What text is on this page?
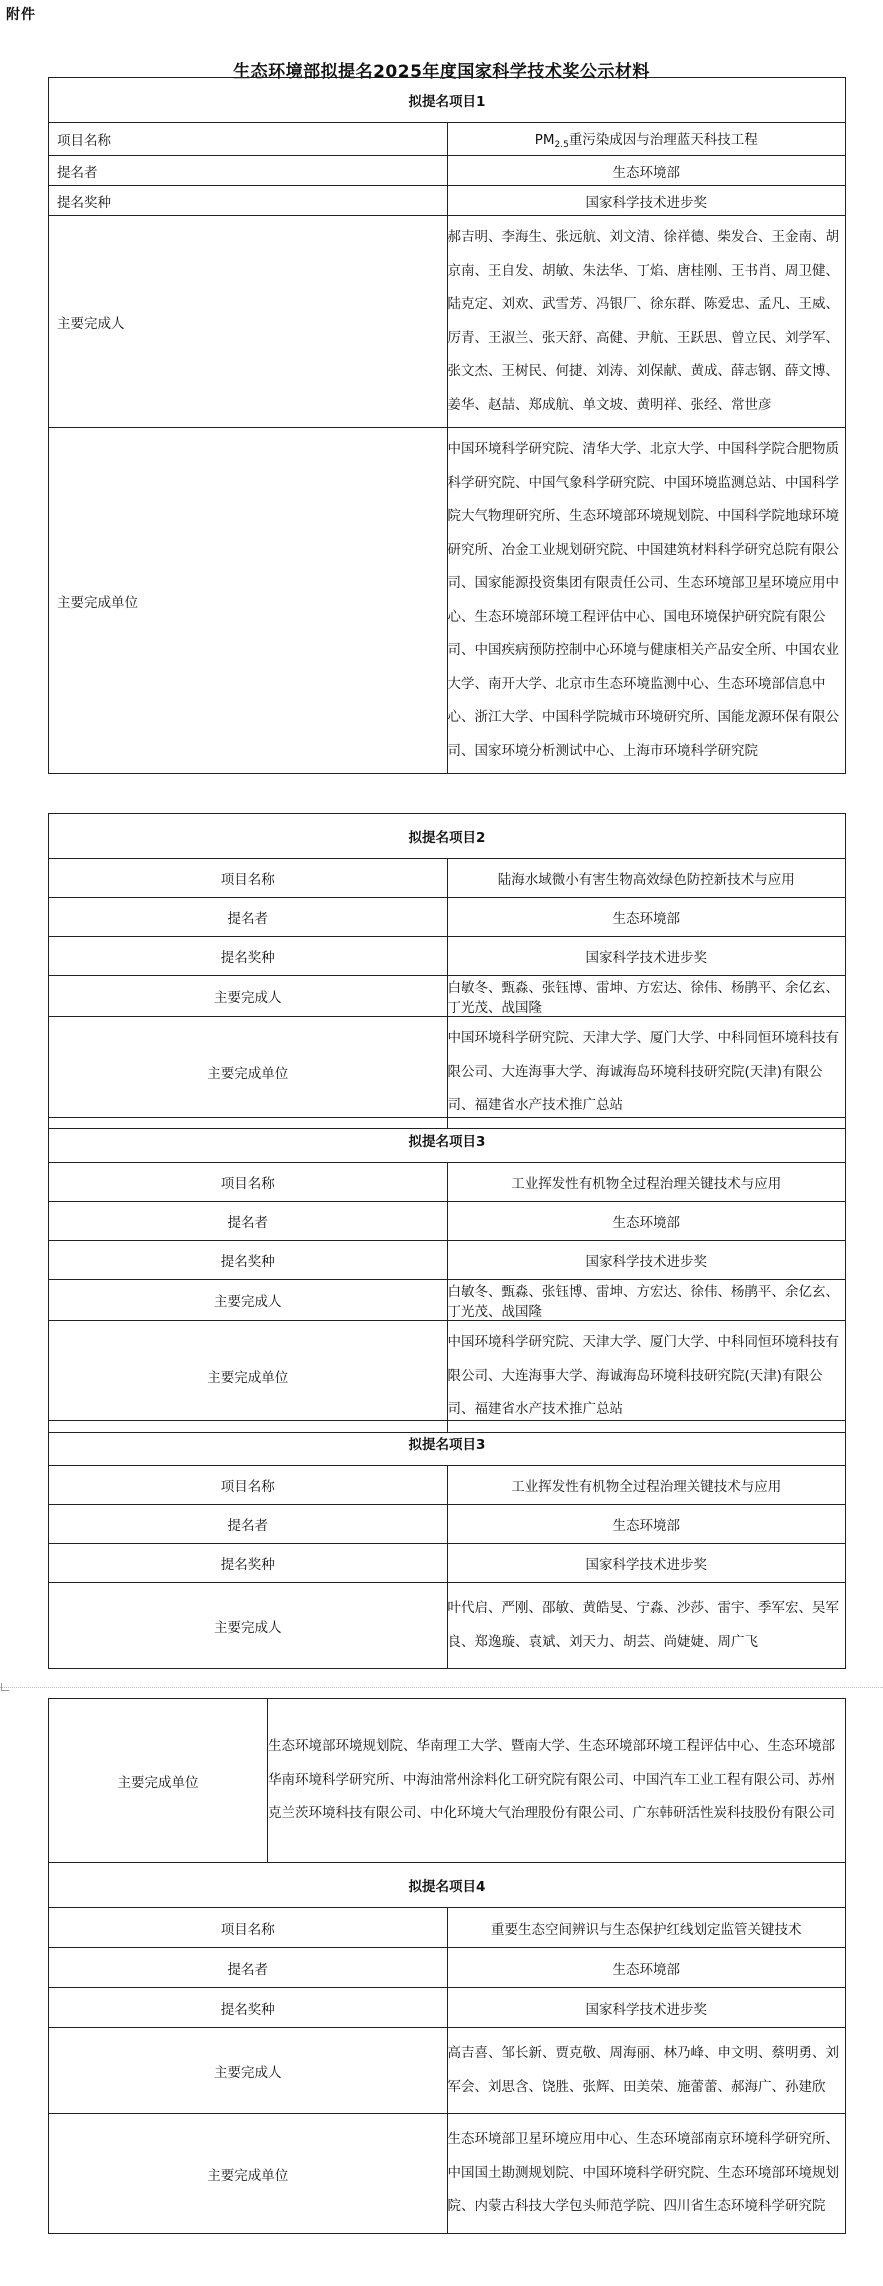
附件
生态环境部拟提名2025年度国家科学技术奖公示材料
拟提名项目1	
项目名称	$PM_{2.5}$重污染成因与治理蓝天科技工程
提名者	生态环境部
提名奖种	国家科学技术进步奖
主要完成人	郝吉明、李海生、张远航、刘文清、徐祥德、柴发合、王金南、胡京南、王自发、胡敏、朱法华、丁焰、唐桂刚、王书肖、周卫健、陆克定、刘欢、武雪芳、冯银厂、徐东群、陈爱忠、孟凡、王威、厉青、王淑兰、张天舒、高健、尹航、王跃思、曾立民、刘学军、张文杰、王树民、何捷、刘涛、刘保献、黄成、薛志钢、薛文博、姜华、赵喆、郑成航、单文坡、黄明祥、张经、常世彦
主要完成单位	中国环境科学研究院、清华大学、北京大学、中国科学院合肥物质科学研究院、中国气象科学研究院、中国环境监测总站、中国科学院大气物理研究所、生态环境部环境规划院、中国科学院地球环境研究所、冶金工业规划研究院、中国建筑材料科学研究总院有限公司、国家能源投资集团有限责任公司、生态环境部卫星环境应用中心、生态环境部环境工程评估中心、国电环境保护研究院有限公司、中国疾病预防控制中心环境与健康相关产品安全所、中国农业大学、南开大学、北京市生态环境监测中心、生态环境部信息中心、浙江大学、中国科学院城市环境研究所、国能龙源环保有限公司、国家环境分析测试中心、上海市环境科学研究院
拟提名项目2	
项目名称	陆海水域微小有害生物高效绿色防控新技术与应用
提名者	生态环境部
提名奖种	国家科学技术进步奖
主要完成人	白敏冬、甄淼、张钰博、雷坤、方宏达、徐伟、杨鹃平、余亿玄、丁光茂、战国隆
主要完成单位	中国环境科学研究院、天津大学、厦门大学、中科同恒环境科技有限公司、大连海事大学、海诚海岛环境科技研究院(天津)有限公司、福建省水产技术推广总站
拟提名项目3	
项目名称	工业挥发性有机物全过程治理关键技术与应用
提名者	生态环境部
提名奖种	国家科学技术进步奖
主要完成人	白敏冬、甄淼、张钰博、雷坤、方宏达、徐伟、杨鹃平、余亿玄、丁光茂、战国隆
主要完成单位	中国环境科学研究院、天津大学、厦门大学、中科同恒环境科技有限公司、大连海事大学、海诚海岛环境科技研究院(天津)有限公司、福建省水产技术推广总站
拟提名项目3	
项目名称	工业挥发性有机物全过程治理关键技术与应用
提名者	生态环境部
提名奖种	国家科学技术进步奖
主要完成人	叶代启、严刚、邵敏、黄皓旻、宁淼、沙莎、雷宇、季军宏、吴军良、郑逸璇、袁斌、刘天力、胡芸、尚婕婕、周广飞
主要完成单位	生态环境部环境规划院、华南理工大学、暨南大学、生态环境部环境工程评估中心、生态环境部华南环境科学研究所、中海油常州涂料化工研究院有限公司、中国汽车工业工程有限公司、苏州克兰茨环境科技有限公司、中化环境大气治理股份有限公司、广东韩研活性炭科技股份有限公司
拟提名项目4	
项目名称	重要生态空间辨识与生态保护红线划定监管关键技术
提名者	生态环境部
提名奖种	国家科学技术进步奖
主要完成人	高吉喜、邹长新、贾克敬、周海丽、林乃峰、申文明、蔡明勇、刘军会、刘思含、饶胜、张辉、田美荣、施蕾蕾、郝海广、孙建欣
主要完成单位	生态环境部卫星环境应用中心、生态环境部南京环境科学研究所、中国国土勘测规划院、中国环境科学研究院、生态环境部环境规划院、内蒙古科技大学包头师范学院、四川省生态环境科学研究院
